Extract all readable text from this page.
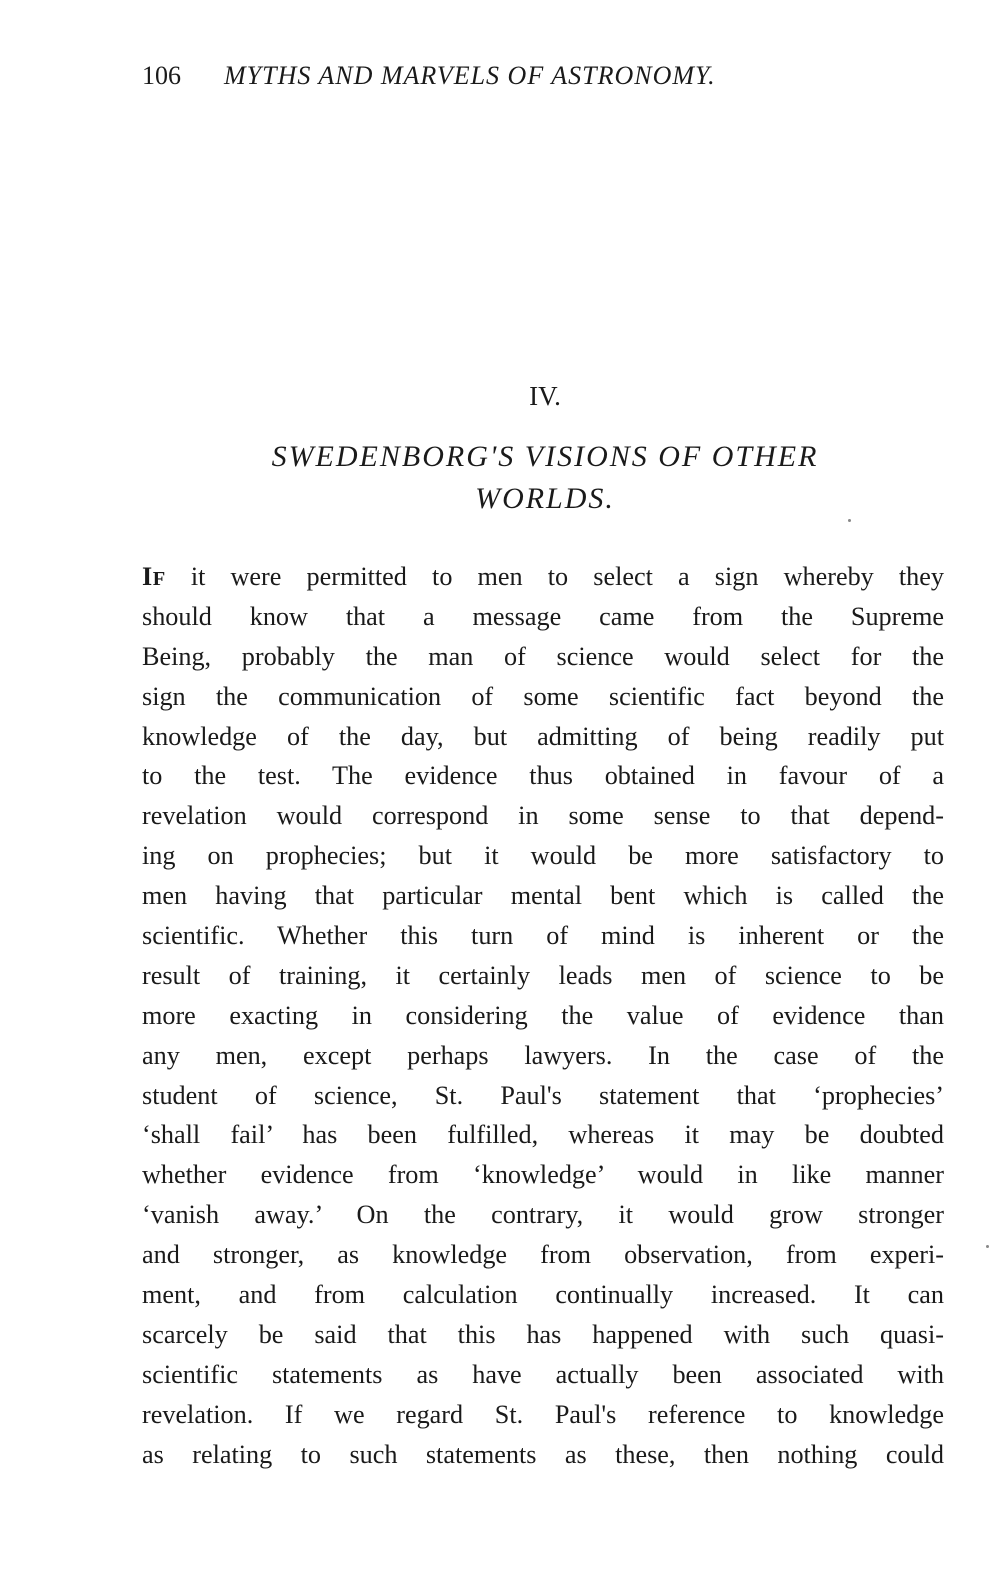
106 MYTHS AND MARVELS OF ASTRONOMY.
IV.
SWEDENBORG'S VISIONS OF OTHER
WORLDS.
IF it were permitted to men to select a sign whereby they
should know that a message came from the Supreme
Being, probably the man of science would select for the
sign the communication of some scientific fact beyond the
knowledge of the day, but admitting of being readily put
to the test. The evidence thus obtained in favour of a
revelation would correspond in some sense to that depend-
ing on prophecies; but it would be more satisfactory to
men having that particular mental bent which is called the
scientific. Whether this turn of mind is inherent or the
result of training, it certainly leads men of science to be
more exacting in considering the value of evidence than
any men, except perhaps lawyers. In the case of the
student of science, St. Paul's statement that ‘prophecies’
‘shall fail’ has been fulfilled, whereas it may be doubted
whether evidence from ‘knowledge’ would in like manner
‘vanish away.’ On the contrary, it would grow stronger
and stronger, as knowledge from observation, from experi-
ment, and from calculation continually increased. It can
scarcely be said that this has happened with such quasi-
scientific statements as have actually been associated with
revelation. If we regard St. Paul's reference to knowledge
as relating to such statements as these, then nothing could
